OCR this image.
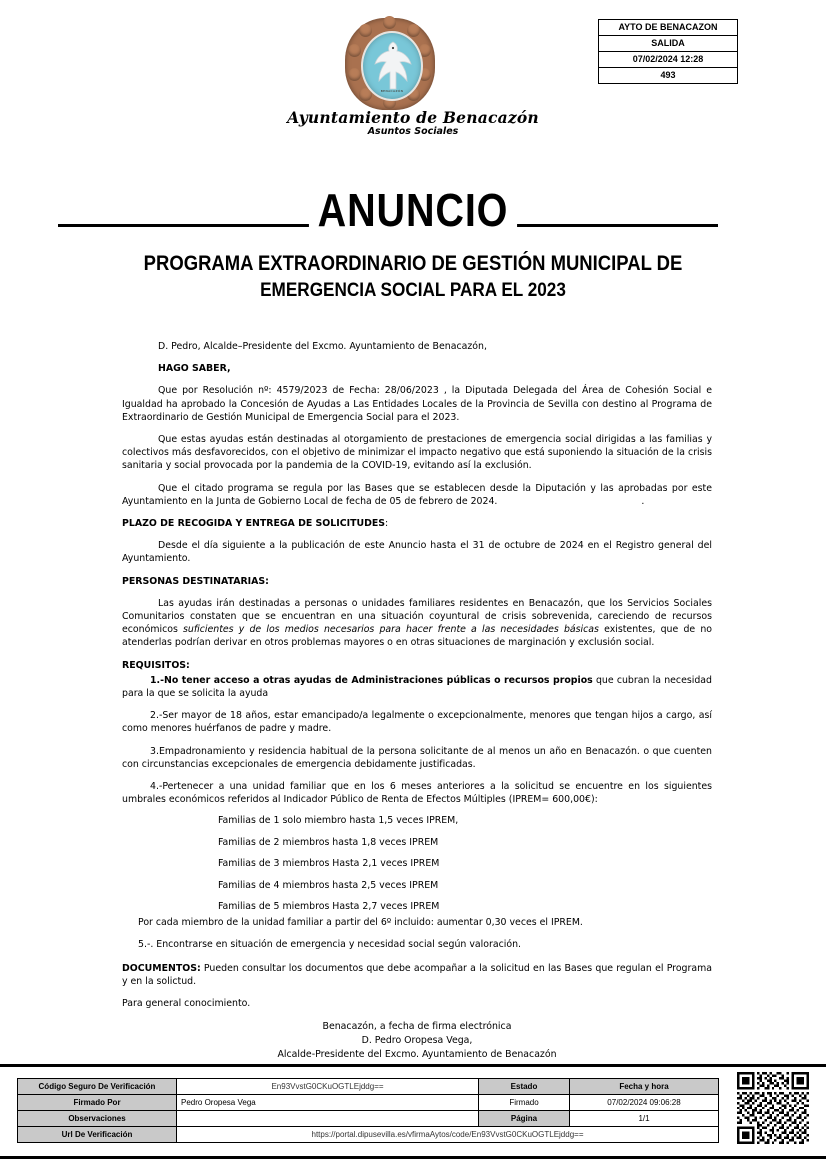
BENACAZÓN
Ayuntamiento de Benacazón
Asuntos Sociales
AYTO DE BENACAZON
SALIDA
07/02/2024 12:28
493
ANUNCIO
PROGRAMA EXTRAORDINARIO DE GESTIÓN MUNICIPAL DE
EMERGENCIA SOCIAL PARA EL 2023

D. Pedro, Alcalde–Presidente del Excmo. Ayuntamiento de Benacazón,

HAGO SABER,

Que por Resolución nº: 4579/2023 de Fecha: 28/06/2023 , la Diputada Delegada del Área de Cohesión Social e Igualdad ha aprobado la Concesión de Ayudas a Las Entidades Locales de la Provincia de Sevilla con destino al Programa de Extraordinario de Gestión Municipal de Emergencia Social para el 2023.

Que estas ayudas están destinadas al otorgamiento de prestaciones de emergencia social dirigidas a las familias y colectivos más desfavorecidos, con el objetivo de minimizar el impacto negativo que está suponiendo la situación de la crisis sanitaria y social provocada por la pandemia de la COVID-19, evitando así la exclusión.

Que el citado programa se regula por las Bases que se establecen desde la Diputación y las aprobadas por este Ayuntamiento en la Junta de Gobierno Local de fecha de 05 de febrero de 2024.	.

PLAZO DE RECOGIDA Y ENTREGA DE SOLICITUDES:

Desde el día siguiente a la publicación de este Anuncio hasta el 31 de octubre de 2024 en el Registro general del Ayuntamiento.

PERSONAS DESTINATARIAS:

Las ayudas irán destinadas a personas o unidades familiares residentes en Benacazón, que los Servicios Sociales Comunitarios constaten que se encuentran en una situación coyuntural de crisis sobrevenida, careciendo de recursos económicos suficientes y de los medios necesarios para hacer frente a las necesidades básicas existentes, que de no atenderlas podrían derivar en otros problemas mayores o en otras situaciones de marginación y exclusión social.

REQUISITOS:

1.-No tener acceso a otras ayudas de Administraciones públicas o recursos propios que cubran la necesidad para la que se solicita la ayuda

2.-Ser mayor de 18 años, estar emancipado/a legalmente o excepcionalmente, menores que tengan hijos a cargo, así como menores huérfanos de padre y madre.

3.Empadronamiento y residencia habitual de la persona solicitante de al menos un año en Benacazón. o que cuenten con circunstancias excepcionales de emergencia debidamente justificadas.

4.-Pertenecer a una unidad familiar que en los 6 meses anteriores a la solicitud se encuentre en los siguientes umbrales económicos referidos al Indicador Público de Renta de Efectos Múltiples (IPREM= 600,00€):

Familias de 1 solo miembro hasta 1,5 veces IPREM,

Familias de 2 miembros hasta 1,8 veces IPREM

Familias de 3 miembros Hasta 2,1 veces IPREM

Familias de 4 miembros hasta 2,5 veces IPREM

Familias de 5 miembros Hasta 2,7 veces IPREM

Por cada miembro de la unidad familiar a partir del 6º incluido: aumentar 0,30 veces el IPREM.

5.-. Encontrarse en situación de emergencia y necesidad social según valoración.

DOCUMENTOS: Pueden consultar los documentos que debe acompañar a la solicitud en las Bases que regulan el Programa y en la solictud.

Para general conocimiento.

Benacazón, a fecha de firma electrónica
D. Pedro Oropesa Vega,
Alcalde-Presidente del Excmo. Ayuntamiento de Benacazón
Código Seguro De Verificación	En93VvstG0CKuOGTLEjddg==	Estado	Fecha y hora
Firmado Por	Pedro Oropesa Vega	Firmado	07/02/2024 09:06:28
Observaciones		Página	1/1
Url De Verificación	https://portal.dipusevilla.es/vfirmaAytos/code/En93VvstG0CKuOGTLEjddg==		
